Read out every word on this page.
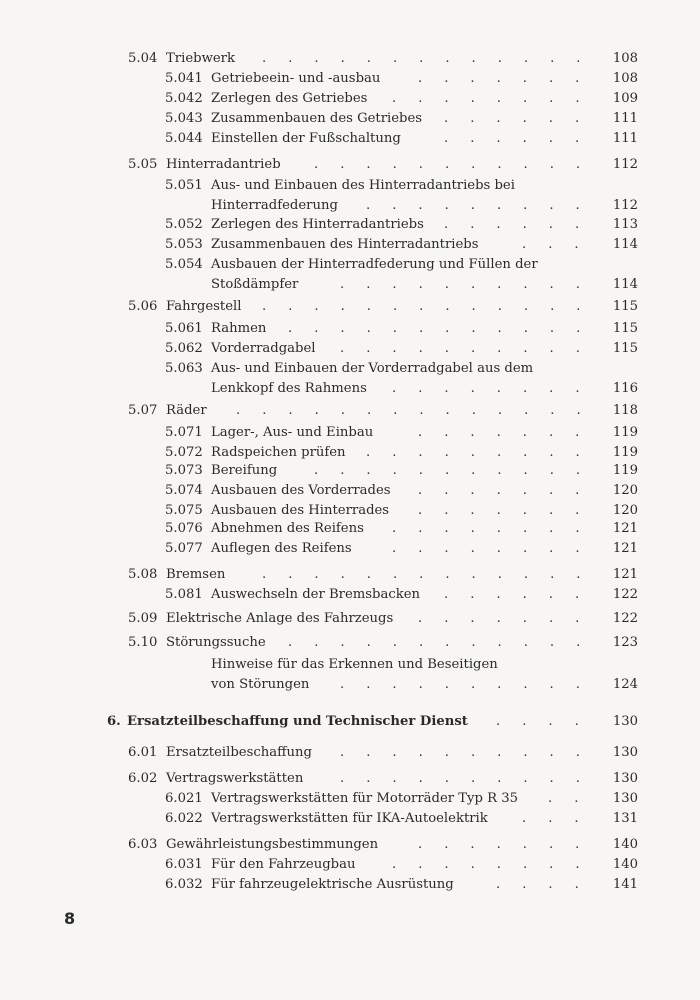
5.04 Triebwerk	108
.............
5.041 Getriebeein- und -ausbau	108
.......
5.042 Zerlegen des Getriebes	109
........
5.043 Zusammenbauen des Getriebes	111
......
5.044 Einstellen der Fußschaltung	111
......
5.05 Hinterradantrieb	112
...........
5.051 Aus- und Einbauen des Hinterradantriebs bei
Hinterradfederung	112
.........
5.052 Zerlegen des Hinterradantriebs	113
......
5.053 Zusammenbauen des Hinterradantriebs	114
...
5.054 Ausbauen der Hinterradfederung und Füllen der
Stoßdämpfer	114
..........
5.06 Fahrgestell	115
.............
5.061 Rahmen	115
............
5.062 Vorderradgabel	115
..........
5.063 Aus- und Einbauen der Vorderradgabel aus dem
Lenkkopf des Rahmens	116
........
5.07 Räder	118
..............
5.071 Lager-, Aus- und Einbau	119
.......
5.072 Radspeichen prüfen	119
.........
5.073 Bereifung	119
...........
5.074 Ausbauen des Vorderrades	120
.......
5.075 Ausbauen des Hinterrades	120
.......
5.076 Abnehmen des Reifens	121
........
5.077 Auflegen des Reifens	121
........
5.08 Bremsen	121
.............
5.081 Auswechseln der Bremsbacken	122
......
5.09 Elektrische Anlage des Fahrzeugs	122
.......
5.10 Störungssuche	123
............
Hinweise für das Erkennen und Beseitigen
von Störungen	124
..........
6. Ersatzteilbeschaffung und Technischer Dienst	130
....
6.01 Ersatzteilbeschaffung	130
..........
6.02 Vertragswerkstätten	130
..........
6.021 Vertragswerkstätten für Motorräder Typ R 35	130
..
6.022 Vertragswerkstätten für IKA-Autoelektrik	131
...
6.03 Gewährleistungsbestimmungen	140
.......
6.031 Für den Fahrzeugbau	140
........
6.032 Für fahrzeugelektrische Ausrüstung	141
....
8
